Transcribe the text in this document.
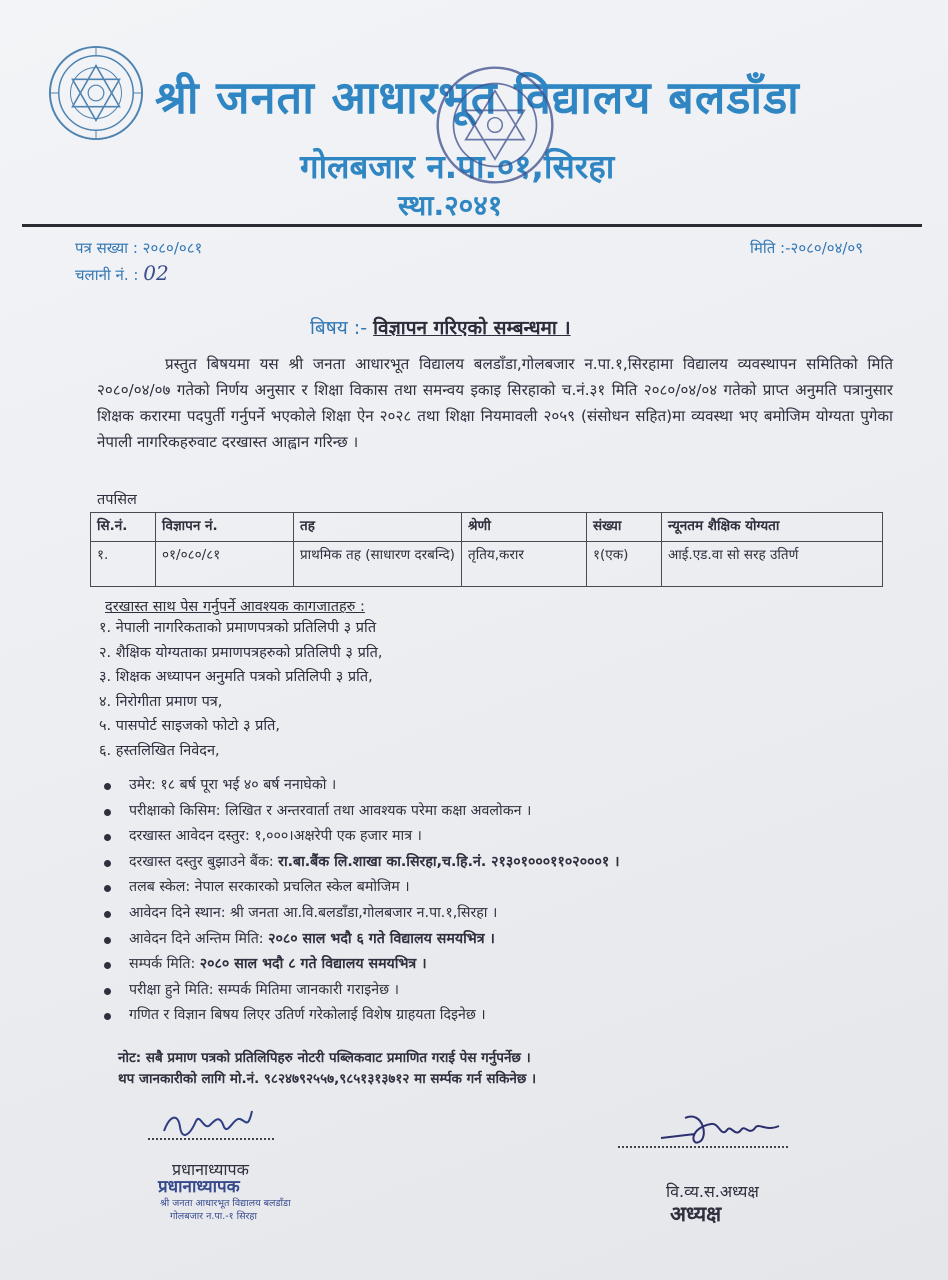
श्री जनता आधारभूत विद्यालय बलडाँडा
गोलबजार न.पा.०१,सिरहा
स्था.२०४१
पत्र सख्या : २०८०/०८१
चलानी नं. : 02
मिति :-२०८०/०४/०९
बिषय :- विज्ञापन गरिएको सम्बन्धमा ।
प्रस्तुत बिषयमा यस श्री जनता आधारभूत विद्यालय बलडाँडा,गोलबजार न.पा.१,सिरहामा विद्यालय व्यवस्थापन समितिको मिति २०८०/०४/०७ गतेको निर्णय अनुसार र शिक्षा विकास तथा समन्वय इकाइ सिरहाको च.नं.३१ मिति २०८०/०४/०४ गतेको प्राप्त अनुमति पत्रानुसार शिक्षक करारमा पदपुर्ती गर्नुपर्ने भएकोले शिक्षा ऐन २०२८ तथा शिक्षा नियमावली २०५९ (संसोधन सहित)मा व्यवस्था भए बमोजिम योग्यता पुगेका नेपाली नागरिकहरुवाट दरखास्त आह्वान गरिन्छ ।
तपसिल
सि.नं.	विज्ञापन नं.	तह	श्रेणी	संख्या	न्यूनतम शैक्षिक योग्यता
१.	०१/०८०/८१	प्राथमिक तह (साधारण दरबन्दि)	तृतिय,करार	१(एक)	आई.एड.वा सो सरह उतिर्ण
दरखास्त साथ पेस गर्नुपर्ने आवश्यक कागजातहरु :
१. नेपाली नागरिकताको प्रमाणपत्रको प्रतिलिपी ३ प्रति
२. शैक्षिक योग्यताका प्रमाणपत्रहरुको प्रतिलिपी ३ प्रति,
३. शिक्षक अध्यापन अनुमति पत्रको प्रतिलिपी ३ प्रति,
४. निरोगीता प्रमाण पत्र,
५. पासपोर्ट साइजको फोटो ३ प्रति,
६. हस्तलिखित निवेदन,
उमेर: १८ बर्ष पूरा भई ४० बर्ष ननाघेको ।
परीक्षाको किसिम: लिखित र अन्तरवार्ता तथा आवश्यक परेमा कक्षा अवलोकन ।
दरखास्त आवेदन दस्तुर: १,०००।अक्षरेपी एक हजार मात्र ।
दरखास्त दस्तुर बुझाउने बैंक: रा.बा.बैंक लि.शाखा का.सिरहा,च.हि.नं. २१३०१०००११०२०००१ ।
तलब स्केल: नेपाल सरकारको प्रचलित स्केल बमोजिम ।
आवेदन दिने स्थान: श्री जनता आ.वि.बलडाँडा,गोलबजार न.पा.१,सिरहा ।
आवेदन दिने अन्तिम मिति: २०८० साल भदौ ६ गते विद्यालय समयभित्र ।
सम्पर्क मिति: २०८० साल भदौ ८ गते विद्यालय समयभित्र ।
परीक्षा हुने मिति: सम्पर्क मितिमा जानकारी गराइनेछ ।
गणित र विज्ञान बिषय लिएर उतिर्ण गरेकोलाई विशेष ग्राहयता दिइनेछ ।
नोट: सबै प्रमाण पत्रको प्रतिलिपिहरु नोटरी पब्लिकवाट प्रमाणित गराई पेस गर्नुपर्नेछ ।
थप जानकारीको लागि मो.नं. ९८२४७९२५५७,९८५१३१३७१२ मा सर्म्पक गर्न सकिनेछ ।
प्रधानाध्यापक
प्रधानाध्यापक
श्री जनता आधारभूत विद्यालय बलडाँडा
गोलबजार न.पा.-१ सिरहा
वि.व्य.स.अध्यक्ष
अध्यक्ष
